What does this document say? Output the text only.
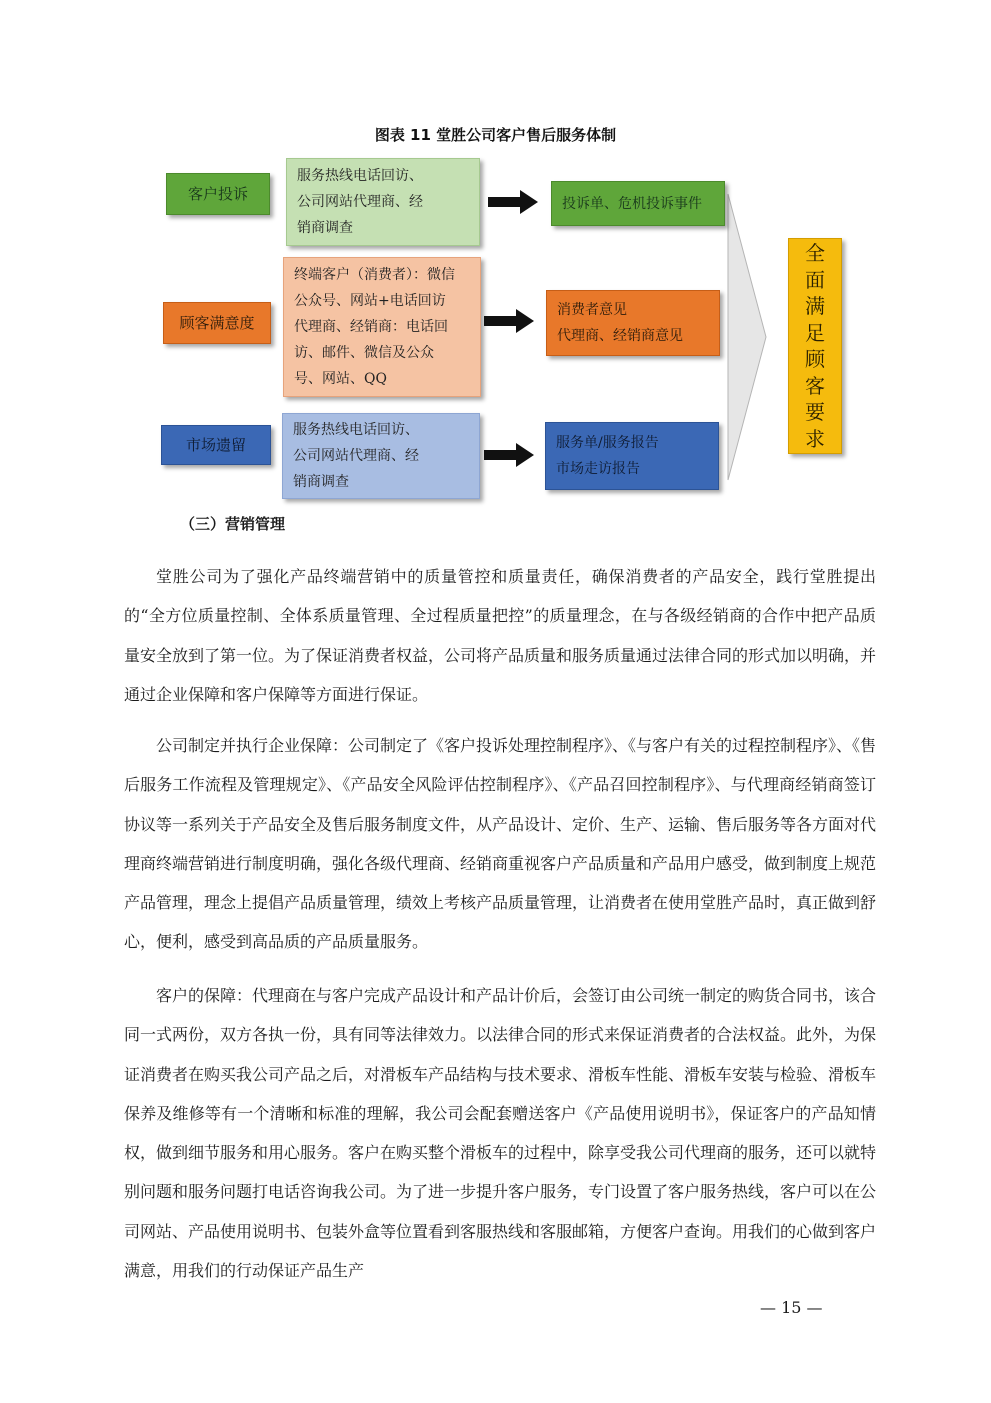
图表 11 堂胜公司客户售后服务体制
客户投诉
服务热线电话回访、
公司网站代理商、经
销商调查
投诉单、危机投诉事件
顾客满意度
终端客户（消费者）：微信
公众号、网站+电话回访
代理商、经销商：电话回
访、邮件、微信及公众
号、网站、QQ
消费者意见
代理商、经销商意见
市场遗留
服务热线电话回访、
公司网站代理商、经
销商调查
服务单/服务报告
市场走访报告
全
面
满
足
顾
客
要
求
（三）营销管理

堂胜公司为了强化产品终端营销中的质量管控和质量责任，确保消费者的产品安全，践行堂胜提出的“全方位质量控制、全体系质量管理、全过程质量把控”的质量理念，在与各级经销商的合作中把产品质量安全放到了第一位。为了保证消费者权益，公司将产品质量和服务质量通过法律合同的形式加以明确，并通过企业保障和客户保障等方面进行保证。

公司制定并执行企业保障：公司制定了《客户投诉处理控制程序》、《与客户有关的过程控制程序》、《售后服务工作流程及管理规定》、《产品安全风险评估控制程序》、《产品召回控制程序》、与代理商经销商签订协议等一系列关于产品安全及售后服务制度文件，从产品设计、定价、生产、运输、售后服务等各方面对代理商终端营销进行制度明确，强化各级代理商、经销商重视客户产品质量和产品用户感受，做到制度上规范产品管理，理念上提倡产品质量管理，绩效上考核产品质量管理，让消费者在使用堂胜产品时，真正做到舒心，便利，感受到高品质的产品质量服务。

客户的保障：代理商在与客户完成产品设计和产品计价后，会签订由公司统一制定的购货合同书，该合同一式两份，双方各执一份，具有同等法律效力。以法律合同的形式来保证消费者的合法权益。此外，为保证消费者在购买我公司产品之后，对滑板车产品结构与技术要求、滑板车性能、滑板车安装与检验、滑板车保养及维修等有一个清晰和标准的理解，我公司会配套赠送客户《产品使用说明书》，保证客户的产品知情权，做到细节服务和用心服务。客户在购买整个滑板车的过程中，除享受我公司代理商的服务，还可以就特别问题和服务问题打电话咨询我公司。为了进一步提升客户服务，专门设置了客户服务热线，客户可以在公司网站、产品使用说明书、包装外盒等位置看到客服热线和客服邮箱，方便客户查询。用我们的心做到客户满意，用我们的行动保证产品生产

— 15 —
